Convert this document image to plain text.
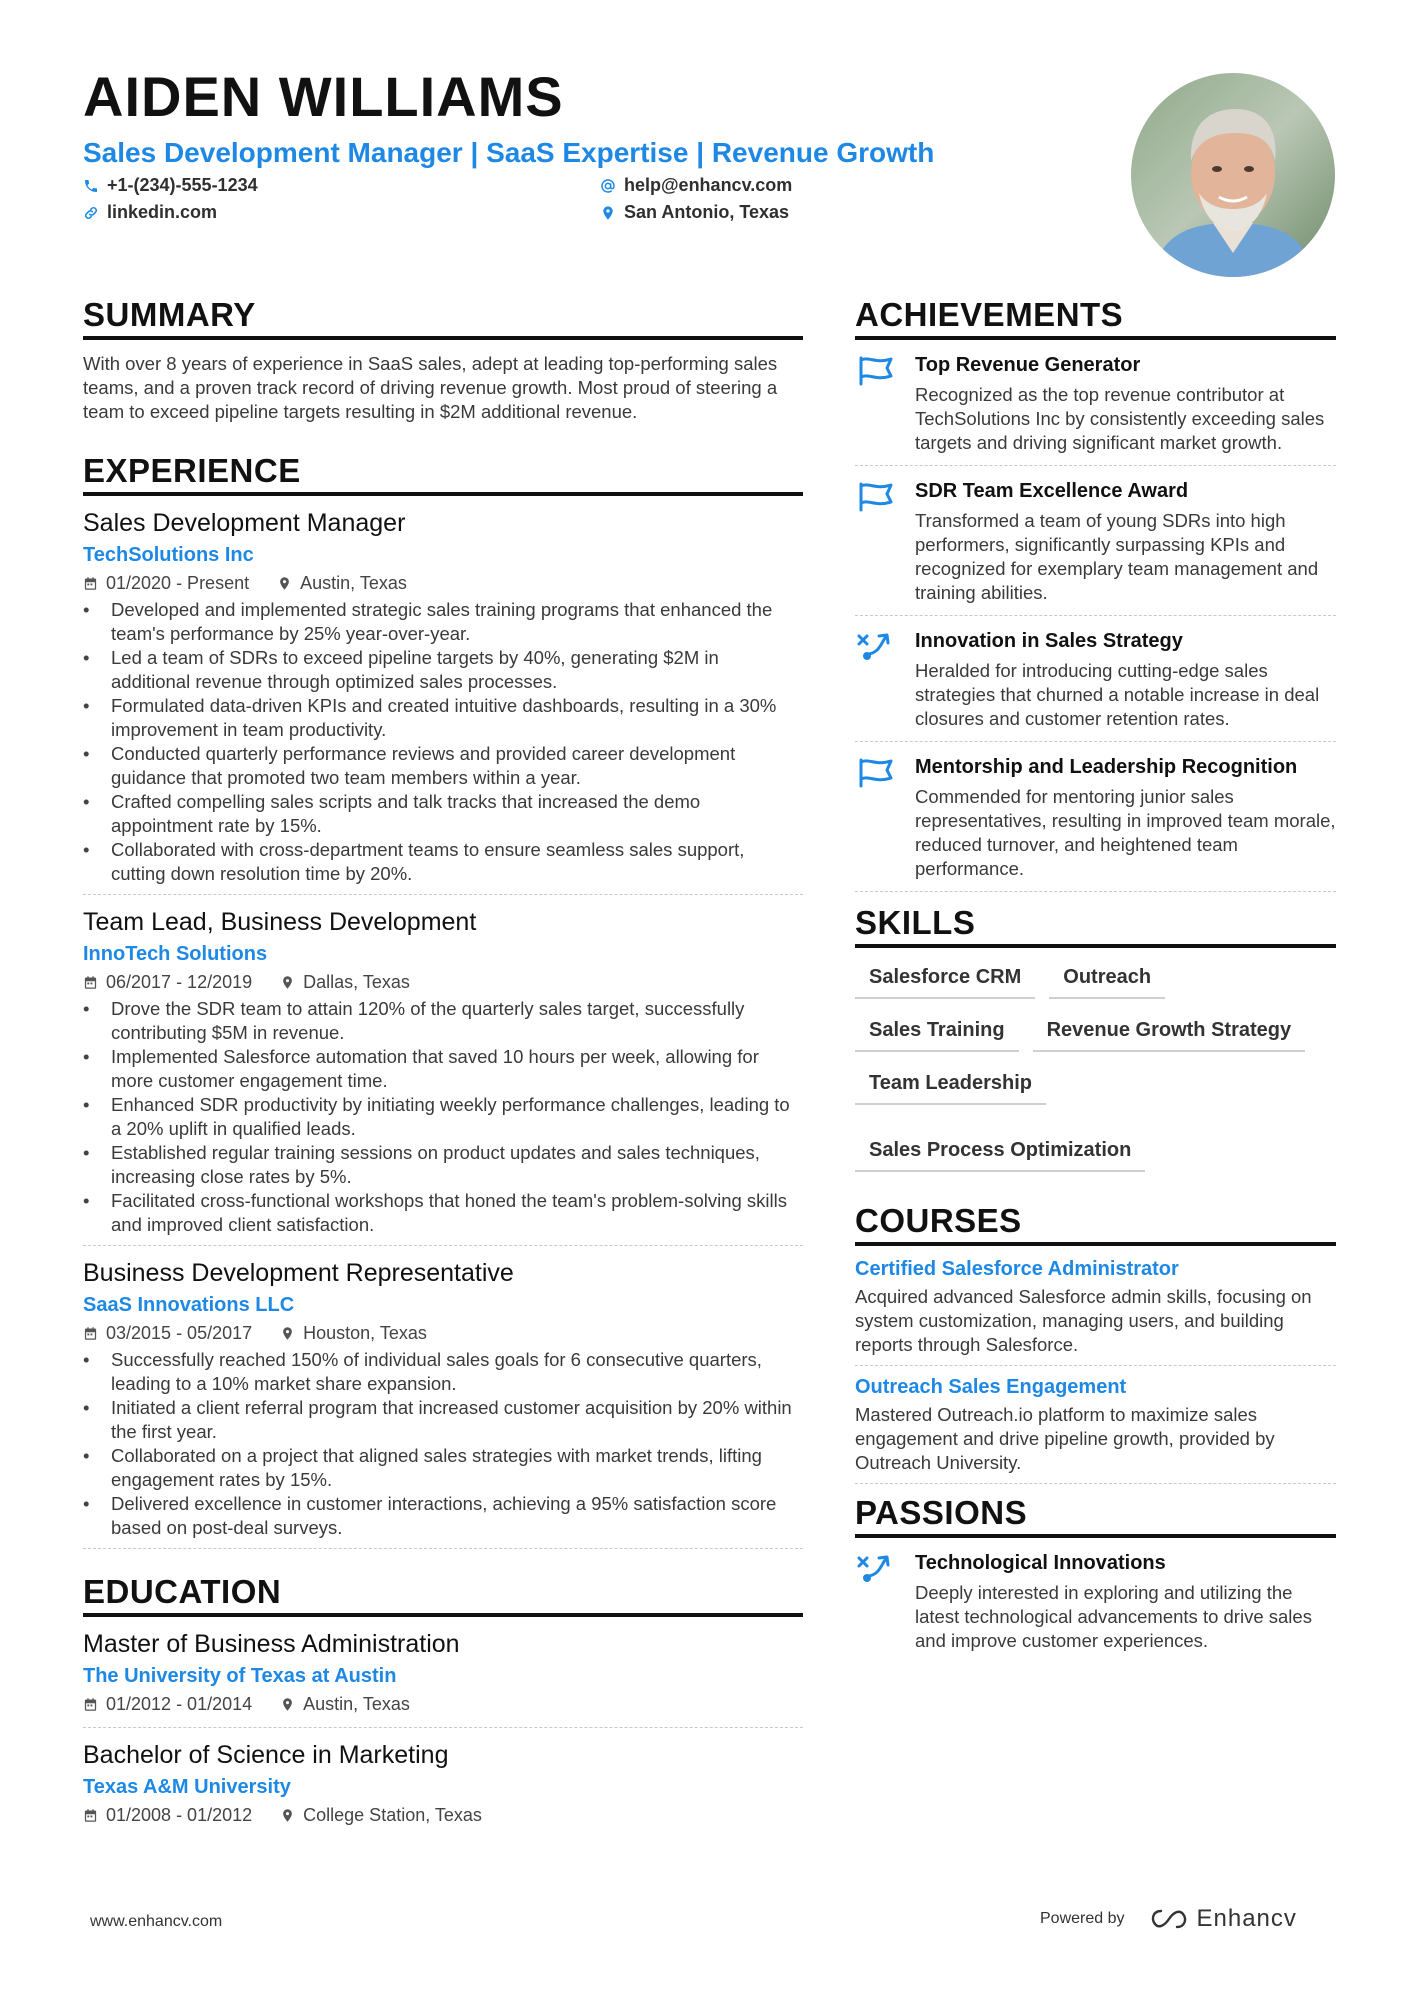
AIDEN WILLIAMS
Sales Development Manager | SaaS Expertise | Revenue Growth
+1-(234)-555-1234	help@enhancv.com
linkedin.com	San Antonio, Texas
SUMMARY

With over 8 years of experience in SaaS sales, adept at leading top-performing sales teams, and a proven track record of driving revenue growth. Most proud of steering a team to exceed pipeline targets resulting in $2M additional revenue.

EXPERIENCE
Sales Development Manager
TechSolutions Inc
01/2020 - Present	Austin, Texas
• Developed and implemented strategic sales training programs that enhanced the team's performance by 25% year-over-year.
• Led a team of SDRs to exceed pipeline targets by 40%, generating $2M in additional revenue through optimized sales processes.
• Formulated data-driven KPIs and created intuitive dashboards, resulting in a 30% improvement in team productivity.
• Conducted quarterly performance reviews and provided career development guidance that promoted two team members within a year.
• Crafted compelling sales scripts and talk tracks that increased the demo appointment rate by 15%.
• Collaborated with cross-department teams to ensure seamless sales support, cutting down resolution time by 20%.
Team Lead, Business Development
InnoTech Solutions
06/2017 - 12/2019	Dallas, Texas
• Drove the SDR team to attain 120% of the quarterly sales target, successfully contributing $5M in revenue.
• Implemented Salesforce automation that saved 10 hours per week, allowing for more customer engagement time.
• Enhanced SDR productivity by initiating weekly performance challenges, leading to a 20% uplift in qualified leads.
• Established regular training sessions on product updates and sales techniques, increasing close rates by 5%.
• Facilitated cross-functional workshops that honed the team's problem-solving skills and improved client satisfaction.
Business Development Representative
SaaS Innovations LLC
03/2015 - 05/2017	Houston, Texas
• Successfully reached 150% of individual sales goals for 6 consecutive quarters, leading to a 10% market share expansion.
• Initiated a client referral program that increased customer acquisition by 20% within the first year.
• Collaborated on a project that aligned sales strategies with market trends, lifting engagement rates by 15%.
• Delivered excellence in customer interactions, achieving a 95% satisfaction score based on post-deal surveys.
EDUCATION
Master of Business Administration
The University of Texas at Austin
01/2012 - 01/2014	Austin, Texas
Bachelor of Science in Marketing
Texas A&M University
01/2008 - 01/2012	College Station, Texas
ACHIEVEMENTS
Top Revenue Generator

Recognized as the top revenue contributor at TechSolutions Inc by consistently exceeding sales targets and driving significant market growth.

SDR Team Excellence Award

Transformed a team of young SDRs into high performers, significantly surpassing KPIs and recognized for exemplary team management and training abilities.

Innovation in Sales Strategy

Heralded for introducing cutting-edge sales strategies that churned a notable increase in deal closures and customer retention rates.

Mentorship and Leadership Recognition

Commended for mentoring junior sales representatives, resulting in improved team morale, reduced turnover, and heightened team performance.

SKILLS
Salesforce CRM	Outreach
Sales Training	Revenue Growth Strategy
Team Leadership
Sales Process Optimization
COURSES
Certified Salesforce Administrator

Acquired advanced Salesforce admin skills, focusing on system customization, managing users, and building reports through Salesforce.

Outreach Sales Engagement

Mastered Outreach.io platform to maximize sales engagement and drive pipeline growth, provided by Outreach University.

PASSIONS
Technological Innovations

Deeply interested in exploring and utilizing the latest technological advancements to drive sales and improve customer experiences.

www.enhancv.com	Powered by	Enhancv
